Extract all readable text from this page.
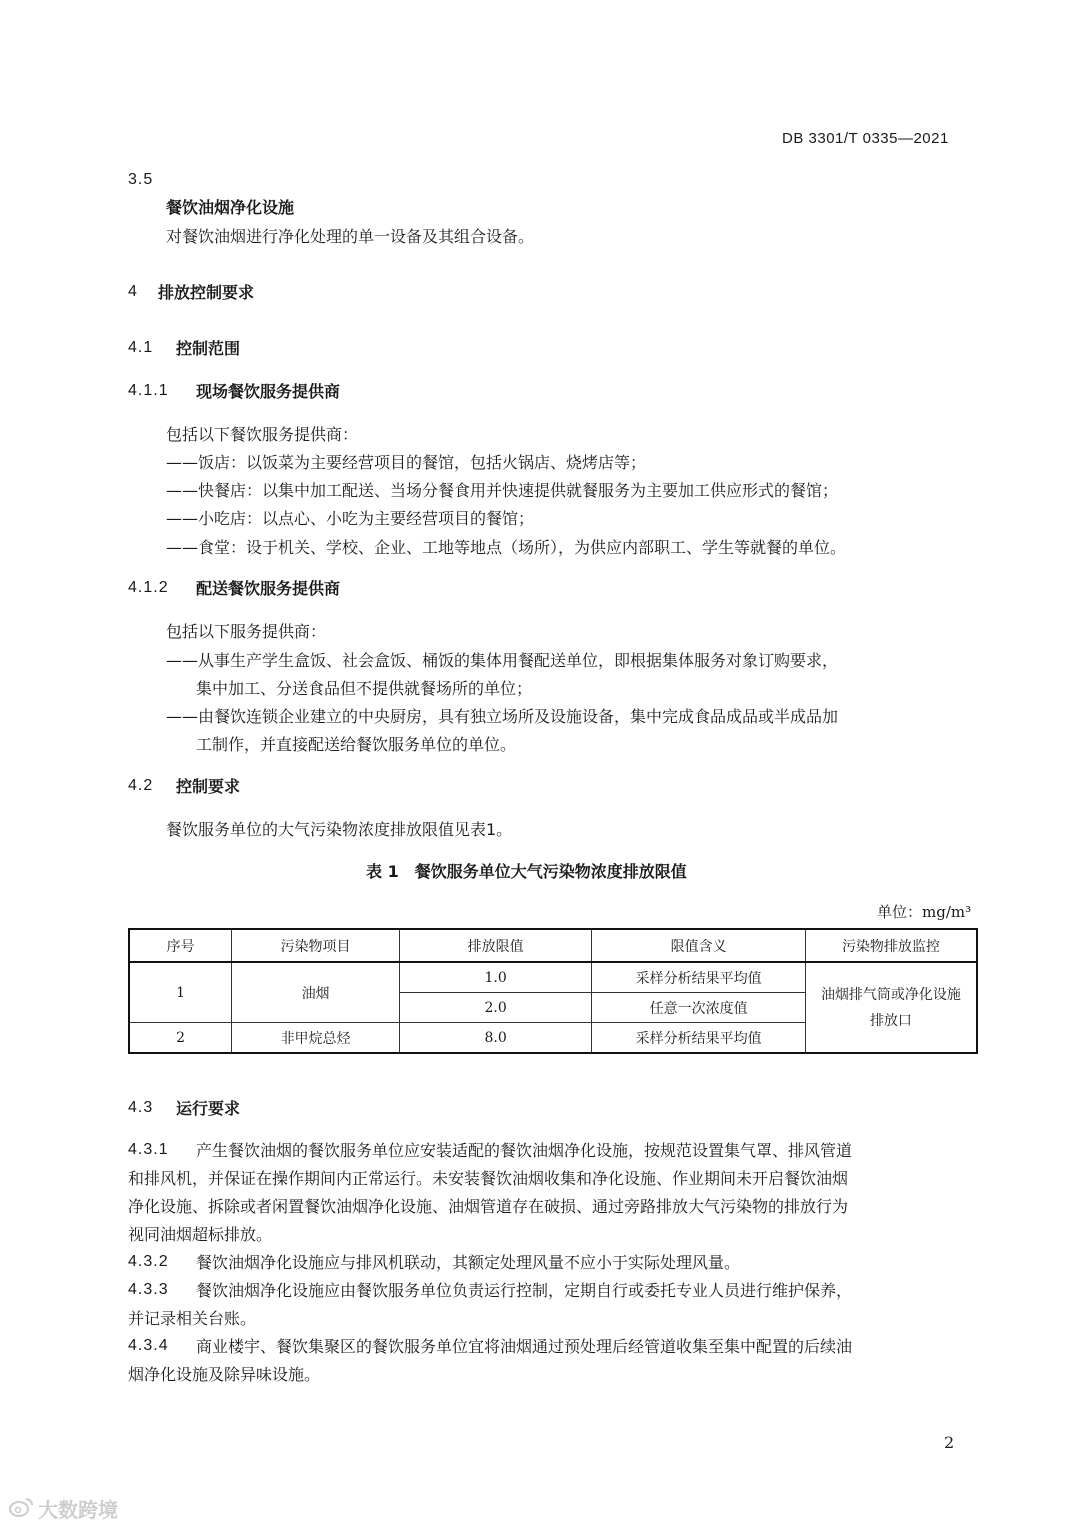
DB 3301/T 0335—2021
3.5
餐饮油烟净化设施
对餐饮油烟进行净化处理的单一设备及其组合设备。
4 排放控制要求
4.1 控制范围
4.1.1 现场餐饮服务提供商
包括以下餐饮服务提供商：
——饭店：以饭菜为主要经营项目的餐馆，包括火锅店、烧烤店等；
——快餐店：以集中加工配送、当场分餐食用并快速提供就餐服务为主要加工供应形式的餐馆；
——小吃店：以点心、小吃为主要经营项目的餐馆；
——食堂：设于机关、学校、企业、工地等地点（场所），为供应内部职工、学生等就餐的单位。
4.1.2 配送餐饮服务提供商
包括以下服务提供商：
——从事生产学生盒饭、社会盒饭、桶饭的集体用餐配送单位，即根据集体服务对象订购要求，
集中加工、分送食品但不提供就餐场所的单位；
——由餐饮连锁企业建立的中央厨房，具有独立场所及设施设备，集中完成食品成品或半成品加
工制作，并直接配送给餐饮服务单位的单位。
4.2 控制要求
餐饮服务单位的大气污染物浓度排放限值见表1。
表 1　餐饮服务单位大气污染物浓度排放限值
单位：mg/m³
序号	污染物项目	排放限值	限值含义	污染物排放监控
1	油烟	1.0	采样分析结果平均值	油烟排气筒或净化设施
排放口

		2.0	任意一次浓度值	
2	非甲烷总烃	8.0	采样分析结果平均值	
4.3 运行要求
4.3.1 产生餐饮油烟的餐饮服务单位应安装适配的餐饮油烟净化设施，按规范设置集气罩、排风管道
和排风机，并保证在操作期间内正常运行。未安装餐饮油烟收集和净化设施、作业期间未开启餐饮油烟
净化设施、拆除或者闲置餐饮油烟净化设施、油烟管道存在破损、通过旁路排放大气污染物的排放行为
视同油烟超标排放。
4.3.2 餐饮油烟净化设施应与排风机联动，其额定处理风量不应小于实际处理风量。
4.3.3 餐饮油烟净化设施应由餐饮服务单位负责运行控制，定期自行或委托专业人员进行维护保养，
并记录相关台账。
4.3.4 商业楼宇、餐饮集聚区的餐饮服务单位宜将油烟通过预处理后经管道收集至集中配置的后续油
烟净化设施及除异味设施。
2
大数跨境
